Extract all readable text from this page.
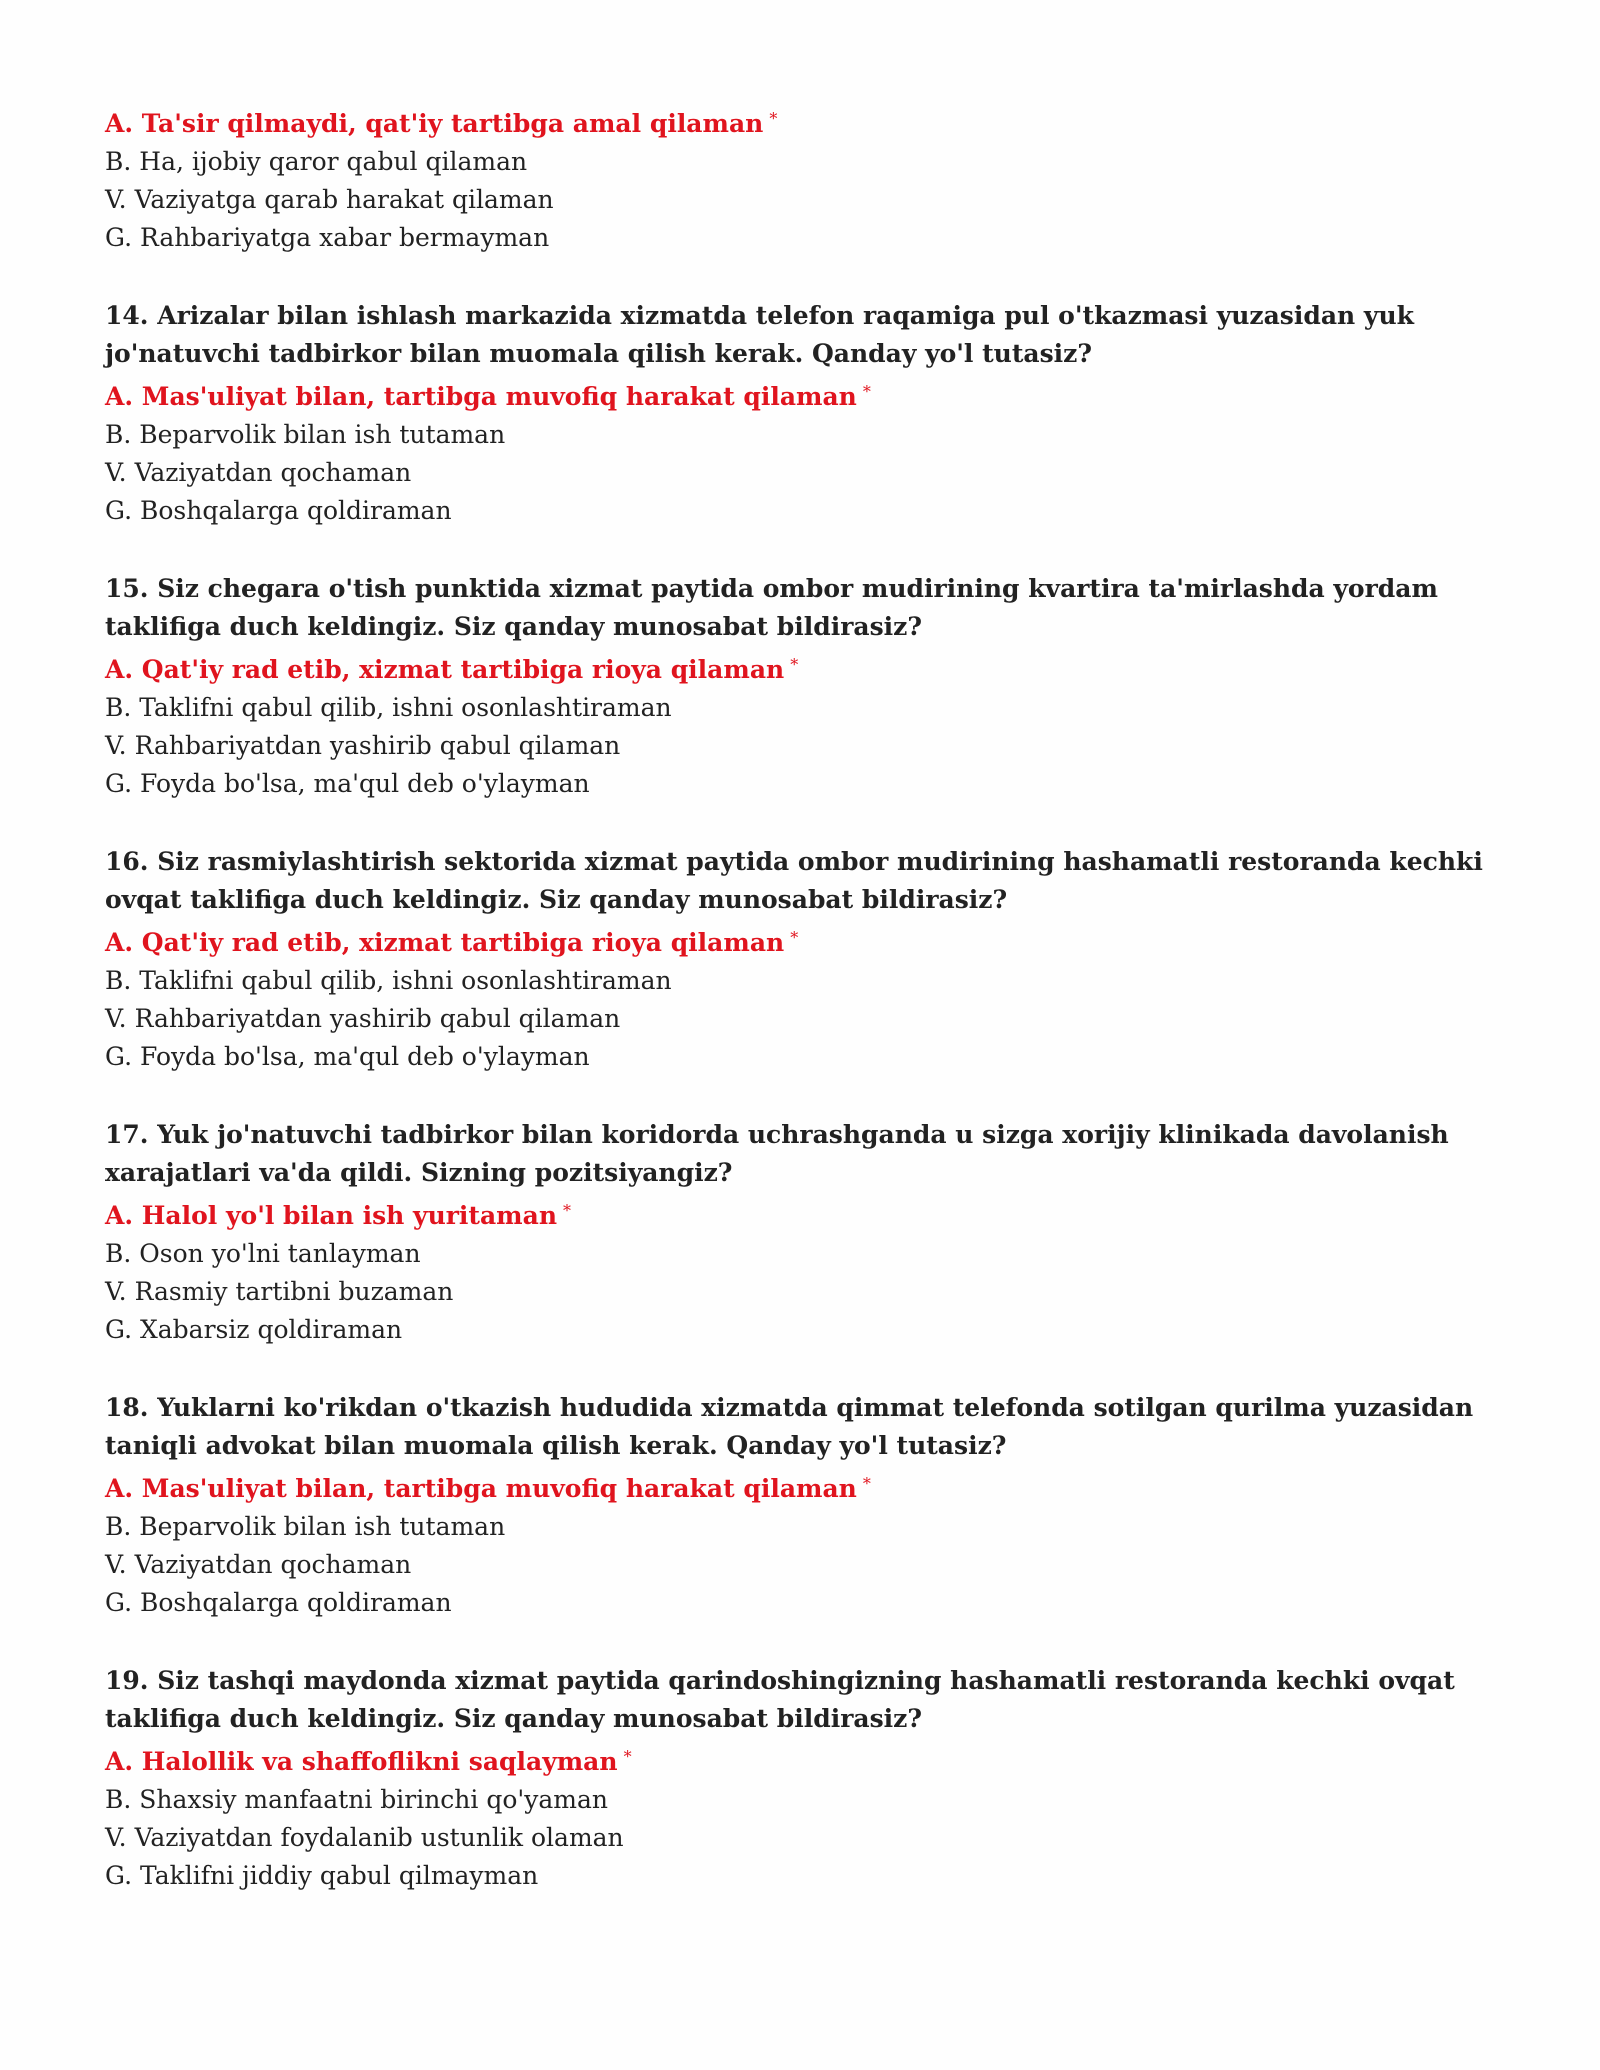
A. Ta'sir qilmaydi, qat'iy tartibga amal qilaman *
B. Ha, ijobiy qaror qabul qilaman
V. Vaziyatga qarab harakat qilaman
G. Rahbariyatga xabar bermayman
14. Arizalar bilan ishlash markazida xizmatda telefon raqamiga pul o'tkazmasi yuzasidan yuk jo'natuvchi tadbirkor bilan muomala qilish kerak. Qanday yo'l tutasiz?
A. Mas'uliyat bilan, tartibga muvofiq harakat qilaman *
B. Beparvolik bilan ish tutaman
V. Vaziyatdan qochaman
G. Boshqalarga qoldiraman
15. Siz chegara o'tish punktida xizmat paytida ombor mudirining kvartira ta'mirlashda yordam taklifiga duch keldingiz. Siz qanday munosabat bildirasiz?
A. Qat'iy rad etib, xizmat tartibiga rioya qilaman *
B. Taklifni qabul qilib, ishni osonlashtiraman
V. Rahbariyatdan yashirib qabul qilaman
G. Foyda bo'lsa, ma'qul deb o'ylayman
16. Siz rasmiylashtirish sektorida xizmat paytida ombor mudirining hashamatli restoranda kechki ovqat taklifiga duch keldingiz. Siz qanday munosabat bildirasiz?
A. Qat'iy rad etib, xizmat tartibiga rioya qilaman *
B. Taklifni qabul qilib, ishni osonlashtiraman
V. Rahbariyatdan yashirib qabul qilaman
G. Foyda bo'lsa, ma'qul deb o'ylayman
17. Yuk jo'natuvchi tadbirkor bilan koridorda uchrashganda u sizga xorijiy klinikada davolanish xarajatlari va'da qildi. Sizning pozitsiyangiz?
A. Halol yo'l bilan ish yuritaman *
B. Oson yo'lni tanlayman
V. Rasmiy tartibni buzaman
G. Xabarsiz qoldiraman
18. Yuklarni ko'rikdan o'tkazish hududida xizmatda qimmat telefonda sotilgan qurilma yuzasidan taniqli advokat bilan muomala qilish kerak. Qanday yo'l tutasiz?
A. Mas'uliyat bilan, tartibga muvofiq harakat qilaman *
B. Beparvolik bilan ish tutaman
V. Vaziyatdan qochaman
G. Boshqalarga qoldiraman
19. Siz tashqi maydonda xizmat paytida qarindoshingizning hashamatli restoranda kechki ovqat taklifiga duch keldingiz. Siz qanday munosabat bildirasiz?
A. Halollik va shaffoflikni saqlayman *
B. Shaxsiy manfaatni birinchi qo'yaman
V. Vaziyatdan foydalanib ustunlik olaman
G. Taklifni jiddiy qabul qilmayman
